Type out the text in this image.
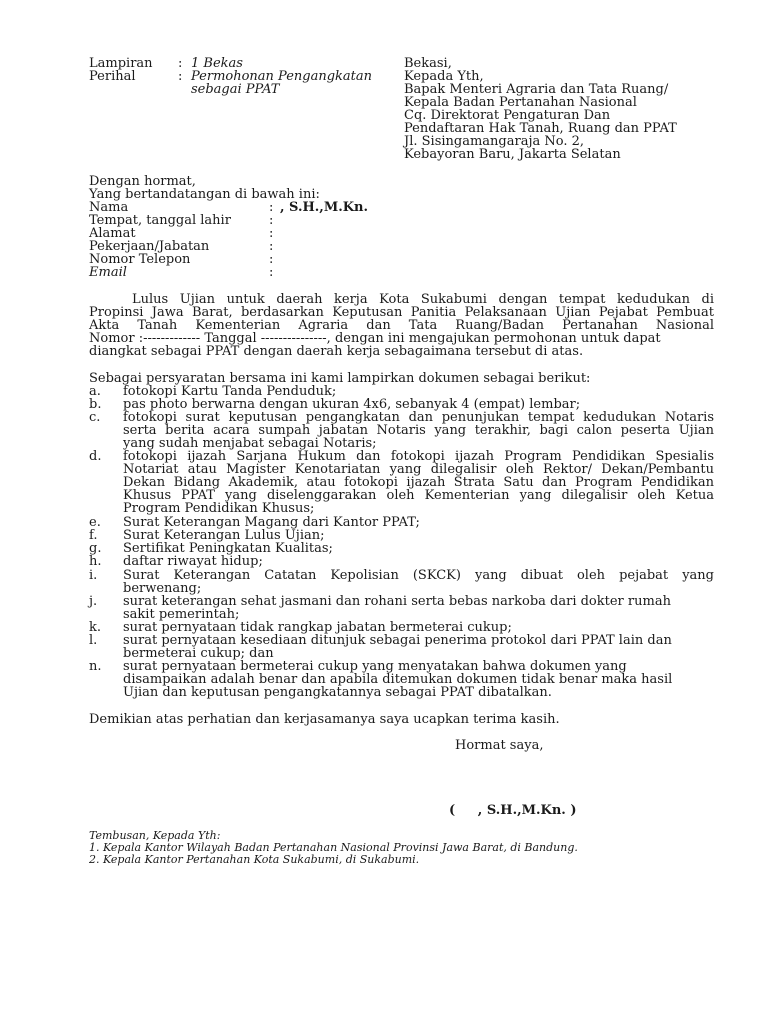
Lampiran : 1 Bekas
Perihal	: Permohonan Pengangkatan
sebagai PPAT
Bekasi,
Kepada Yth,
Bapak Menteri Agraria dan Tata Ruang/
Kepala Badan Pertanahan Nasional
Cq. Direktorat Pengaturan Dan
Pendaftaran Hak Tanah, Ruang dan PPAT
Jl. Sisingamangaraja No. 2,
Kebayoran Baru, Jakarta Selatan
Dengan hormat,
Yang bertandatangan di bawah ini:
Nama	: , S.H.,M.Kn.
Tempat, tanggal lahir	:
Alamat	:
Pekerjaan/Jabatan	:
Nomor Telepon	:
Email	:
Lulus Ujian untuk daerah kerja Kota Sukabumi dengan tempat kedudukan di
Propinsi Jawa Barat, berdasarkan Keputusan Panitia Pelaksanaan Ujian Pejabat Pembuat
Akta Tanah Kementerian Agraria dan Tata Ruang/Badan Pertanahan Nasional
Nomor :------------- Tanggal ---------------, dengan ini mengajukan permohonan untuk dapat
diangkat sebagai PPAT dengan daerah kerja sebagaimana tersebut di atas.
Sebagai persyaratan bersama ini kami lampirkan dokumen sebagai berikut:
a. fotokopi Kartu Tanda Penduduk;
b. pas photo berwarna dengan ukuran 4x6, sebanyak 4 (empat) lembar;
c. fotokopi surat keputusan pengangkatan dan penunjukan tempat kedudukan Notaris
serta berita acara sumpah jabatan Notaris yang terakhir, bagi calon peserta Ujian
yang sudah menjabat sebagai Notaris;
d. fotokopi ijazah Sarjana Hukum dan fotokopi ijazah Program Pendidikan Spesialis
Notariat atau Magister Kenotariatan yang dilegalisir oleh Rektor/ Dekan/Pembantu
Dekan Bidang Akademik, atau fotokopi ijazah Strata Satu dan Program Pendidikan
Khusus PPAT yang diselenggarakan oleh Kementerian yang dilegalisir oleh Ketua
Program Pendidikan Khusus;
e. Surat Keterangan Magang dari Kantor PPAT;
f. Surat Keterangan Lulus Ujian;
g. Sertifikat Peningkatan Kualitas;
h. daftar riwayat hidup;
i. Surat Keterangan Catatan Kepolisian (SKCK) yang dibuat oleh pejabat yang
berwenang;
j. surat keterangan sehat jasmani dan rohani serta bebas narkoba dari dokter rumah
sakit pemerintah;
k. surat pernyataan tidak rangkap jabatan bermeterai cukup;
l. surat pernyataan kesediaan ditunjuk sebagai penerima protokol dari PPAT lain dan
bermeterai cukup; dan
n. surat pernyataan bermeterai cukup yang menyatakan bahwa dokumen yang
disampaikan adalah benar dan apabila ditemukan dokumen tidak benar maka hasil
Ujian dan keputusan pengangkatannya sebagai PPAT dibatalkan.
Demikian atas perhatian dan kerjasamanya saya ucapkan terima kasih.
Hormat saya,
(     , S.H.,M.Kn. )
Tembusan, Kepada Yth:
1. Kepala Kantor Wilayah Badan Pertanahan Nasional Provinsi Jawa Barat, di Bandung.
2. Kepala Kantor Pertanahan Kota Sukabumi, di Sukabumi.
